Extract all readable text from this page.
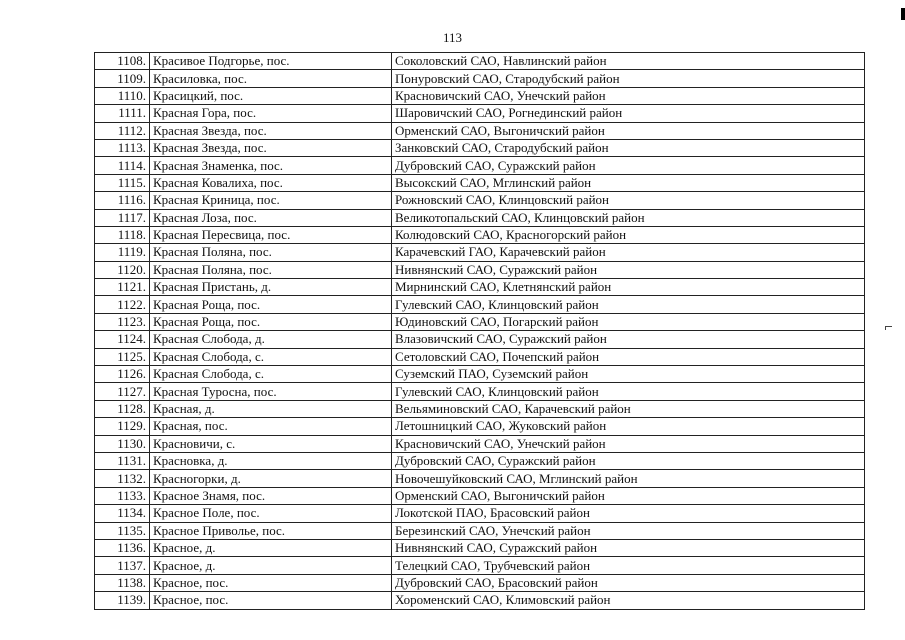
113
1108.	Красивое Подгорье, пос.	Соколовский САО, Навлинский район
1109.	Красиловка, пос.	Понуровский САО, Стародубский район
1110.	Красицкий, пос.	Красновичский САО, Унечский район
1111.	Красная Гора, пос.	Шаровичский САО, Рогнединский район
1112.	Красная Звезда, пос.	Орменский САО, Выгоничский район
1113.	Красная Звезда, пос.	Занковский САО, Стародубский район
1114.	Красная Знаменка, пос.	Дубровский САО, Суражский район
1115.	Красная Ковалиха, пос.	Высокский САО, Мглинский район
1116.	Красная Криница, пос.	Рожновский САО, Клинцовский район
1117.	Красная Лоза, пос.	Великотопальский САО, Клинцовский район
1118.	Красная Пересвица, пос.	Колюдовский САО, Красногорский район
1119.	Красная Поляна, пос.	Карачевский ГАО, Карачевский район
1120.	Красная Поляна, пос.	Нивнянский САО, Суражский район
1121.	Красная Пристань, д.	Мирнинский САО, Клетнянский район
1122.	Красная Роща, пос.	Гулевский САО, Клинцовский район
1123.	Красная Роща, пос.	Юдиновский САО, Погарский район
1124.	Красная Слобода, д.	Влазовичский САО, Суражский район
1125.	Красная Слобода, с.	Сетоловский САО, Почепский район
1126.	Красная Слобода, с.	Суземский ПАО, Суземский район
1127.	Красная Туросна, пос.	Гулевский САО, Клинцовский район
1128.	Красная, д.	Вельяминовский САО, Карачевский район
1129.	Красная, пос.	Летошницкий САО, Жуковский район
1130.	Красновичи, с.	Красновичский САО, Унечский район
1131.	Красновка, д.	Дубровский САО, Суражский район
1132.	Красногорки, д.	Новочешуйковский САО, Мглинский район
1133.	Красное Знамя, пос.	Орменский САО, Выгоничский район
1134.	Красное Поле, пос.	Локотской ПАО, Брасовский район
1135.	Красное Приволье, пос.	Березинский САО, Унечский район
1136.	Красное, д.	Нивнянский САО, Суражский район
1137.	Красное, д.	Телецкий САО, Трубчевский район
1138.	Красное, пос.	Дубровский САО, Брасовский район
1139.	Красное, пос.	Хороменский САО, Климовский район
